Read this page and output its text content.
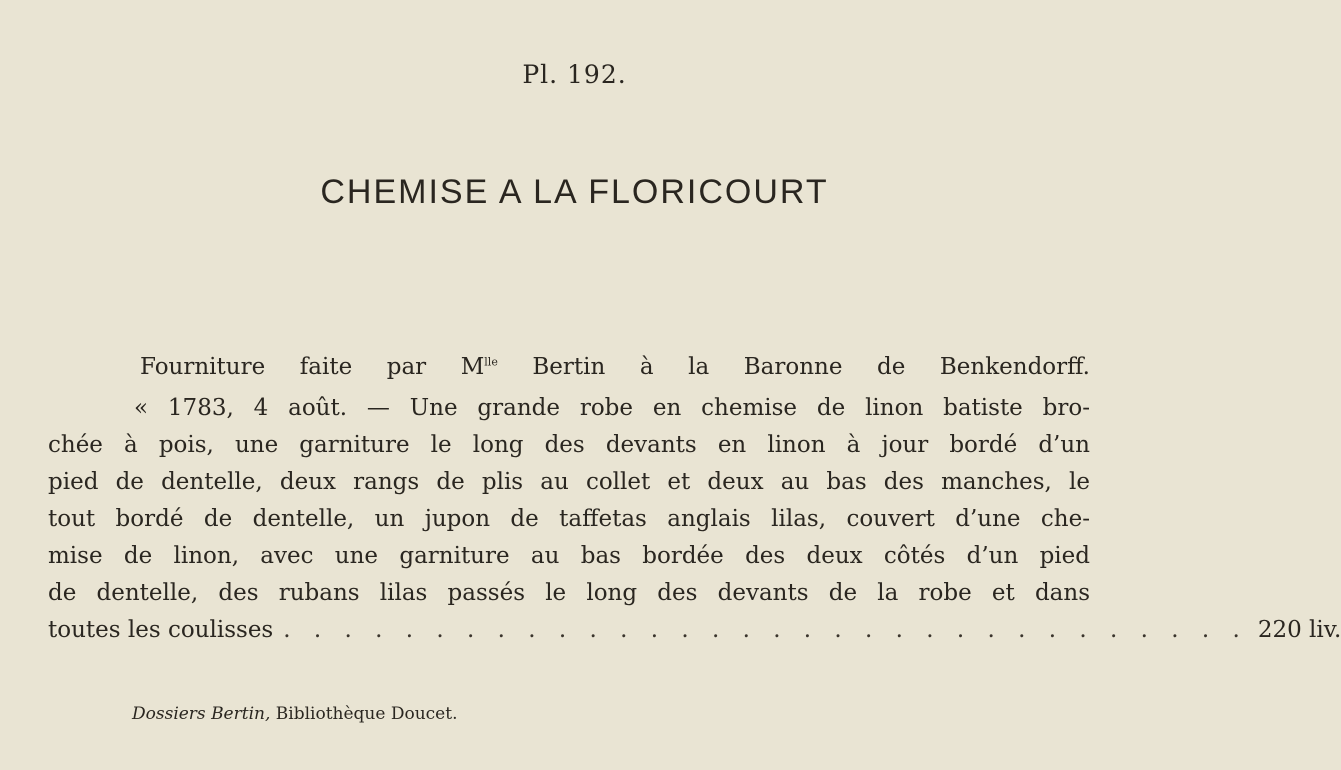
Pl. 192.
CHEMISE A LA FLORICOURT
Fourniture faite par $M^{lle}$ Bertin à la Baronne de Benkendorff.
« 1783, 4 août. — Une grande robe en chemise de linon batiste bro-
chée à pois, une garniture le long des devants en linon à jour bordé d’un
pied de dentelle, deux rangs de plis au collet et deux au bas des manches, le
tout bordé de dentelle, un jupon de taffetas anglais lilas, couvert d’une che-
mise de linon, avec une garniture au bas bordée des deux côtés d’un pied
de dentelle, des rubans lilas passés le long des devants de la robe et dans
toutes les coulisses . . . . . . . . . . . . . . . . . . . . . . . . . . . . . . . . 220 liv.
Dossiers Bertin, Bibliothèque Doucet.
